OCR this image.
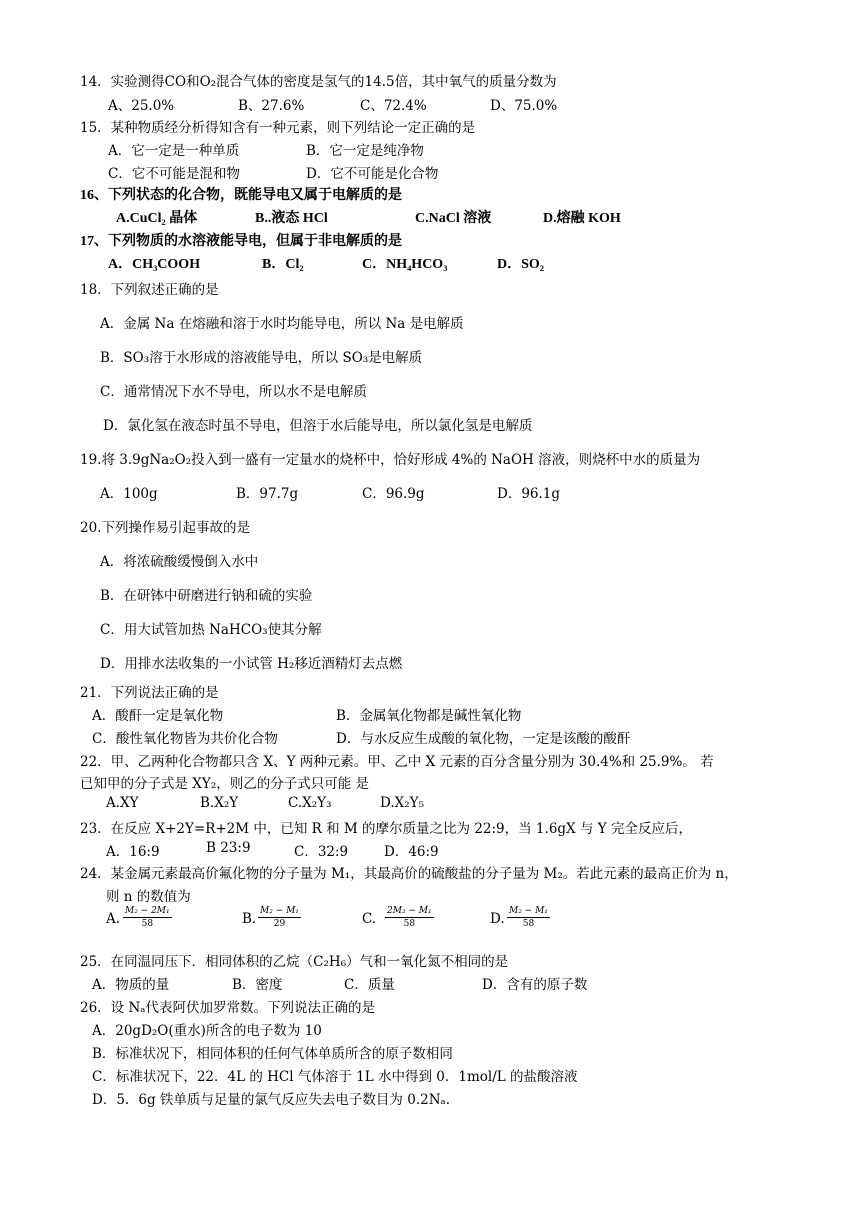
14．实验测得CO和O₂混合气体的密度是氢气的14.5倍，其中氧气的质量分数为
A、25.0%	B、27.6%	C、72.4%	D、75.0%
15．某种物质经分析得知含有一种元素，则下列结论一定正确的是
A．它一定是一种单质	B．它一定是纯净物
C．它不可能是混和物	D．它不可能是化合物
16、下列状态的化合物，既能导电又属于电解质的是
A.CuCl₂ 晶体	B..液态 HCl	C.NaCl 溶液	D.熔融 KOH
17、下列物质的水溶液能导电，但属于非电解质的是
A．CH₃COOH	B．Cl₂	C．NH₄HCO₃	D．SO₂
18．下列叙述正确的是
A．金属 Na 在熔融和溶于水时均能导电，所以 Na 是电解质
B．SO₃溶于水形成的溶液能导电，所以 SO₃是电解质
C．通常情况下水不导电，所以水不是电解质
D．氯化氢在液态时虽不导电，但溶于水后能导电，所以氯化氢是电解质
19.将 3.9gNa₂O₂投入到一盛有一定量水的烧杯中，恰好形成 4%的 NaOH 溶液，则烧杯中水的质量为
A．100g	B．97.7g	C．96.9g	D．96.1g
20.下列操作易引起事故的是
A．将浓硫酸缓慢倒入水中
B．在研钵中研磨进行钠和硫的实验
C．用大试管加热 NaHCO₃使其分解
D．用排水法收集的一小试管 H₂移近酒精灯去点燃
21．下列说法正确的是
A．酸酐一定是氧化物	B．金属氧化物都是碱性氧化物
C．酸性氧化物皆为共价化合物	D．与水反应生成酸的氧化物，一定是该酸的酸酐
22．甲、乙两种化合物都只含 X、Y 两种元素。甲、乙中 X 元素的百分含量分别为 30.4%和 25.9%。 若
已知甲的分子式是 XY₂，则乙的分子式只可能 是
A.XY	B.X₂Y	C.X₂Y₃	D.X₂Y₅
23．在反应 X+2Y=R+2M 中，已知 R 和 M 的摩尔质量之比为 22:9，当 1.6gX 与 Y 完全反应后，
A．16:9	B 23:9	C．32:9	D．46:9
24．某金属元素最高价氟化物的分子量为 M₁，其最高价的硫酸盐的分子量为 M₂。若此元素的最高正价为 n，
则 n 的数值为
A. $\frac{\text{M₂ − 2M₁}}{58}$	B. $\frac{\text{M₂ − M₁}}{29}$	C. $\frac{\text{2M₂ − M₁}}{58}$	D. $\frac{\text{M₂ − M₁}}{58}$
25．在同温同压下．相同体积的乙烷（C₂H₆）气和一氧化氮不相同的是
A．物质的量	B．密度	C．质量	D．含有的原子数
26．设 Nₐ代表阿伏加罗常数。下列说法正确的是
A．20gD₂O(重水)所含的电子数为 10
B．标准状况下，相同体积的任何气体单质所含的原子数相同
C．标准状况下，22．4L 的 HCl 气体溶于 1L 水中得到 0．1mol/L 的盐酸溶液
D．5．6g 铁单质与足量的氯气反应失去电子数目为 0.2Nₐ.
